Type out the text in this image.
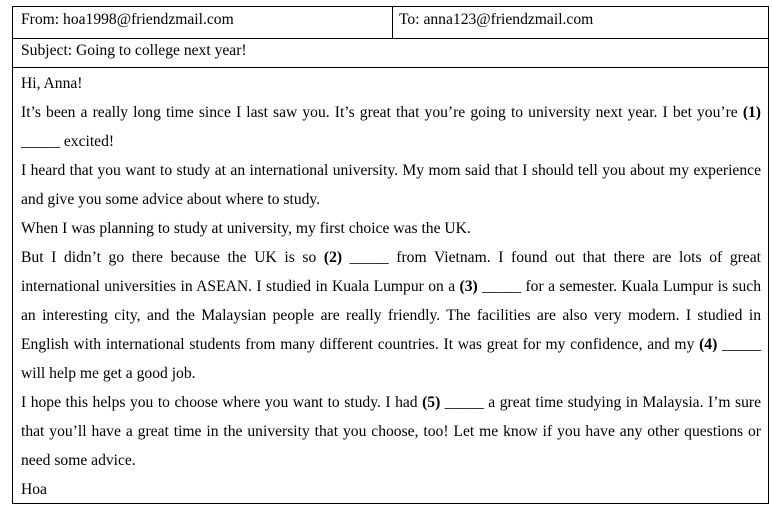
From: hoa1998@friendzmail.com	To: anna123@friendzmail.com
Subject: Going to college next year!

Hi, Anna!

It’s been a really long time since I last saw you. It’s great that you’re going to university next year. I bet you’re (1) _____ excited!

I heard that you want to study at an international university. My mom said that I should tell you about my experience and give you some advice about where to study.

When I was planning to study at university, my first choice was the UK.

But I didn’t go there because the UK is so (2) _____ from Vietnam. I found out that there are lots of great international universities in ASEAN. I studied in Kuala Lumpur on a (3) _____ for a semester. Kuala Lumpur is such an interesting city, and the Malaysian people are really friendly. The facilities are also very modern. I studied in English with international students from many different countries. It was great for my confidence, and my (4) _____ will help me get a good job.

I hope this helps you to choose where you want to study. I had (5) _____ a great time studying in Malaysia. I’m sure that you’ll have a great time in the university that you choose, too! Let me know if you have any other questions or need some advice.

Hoa
